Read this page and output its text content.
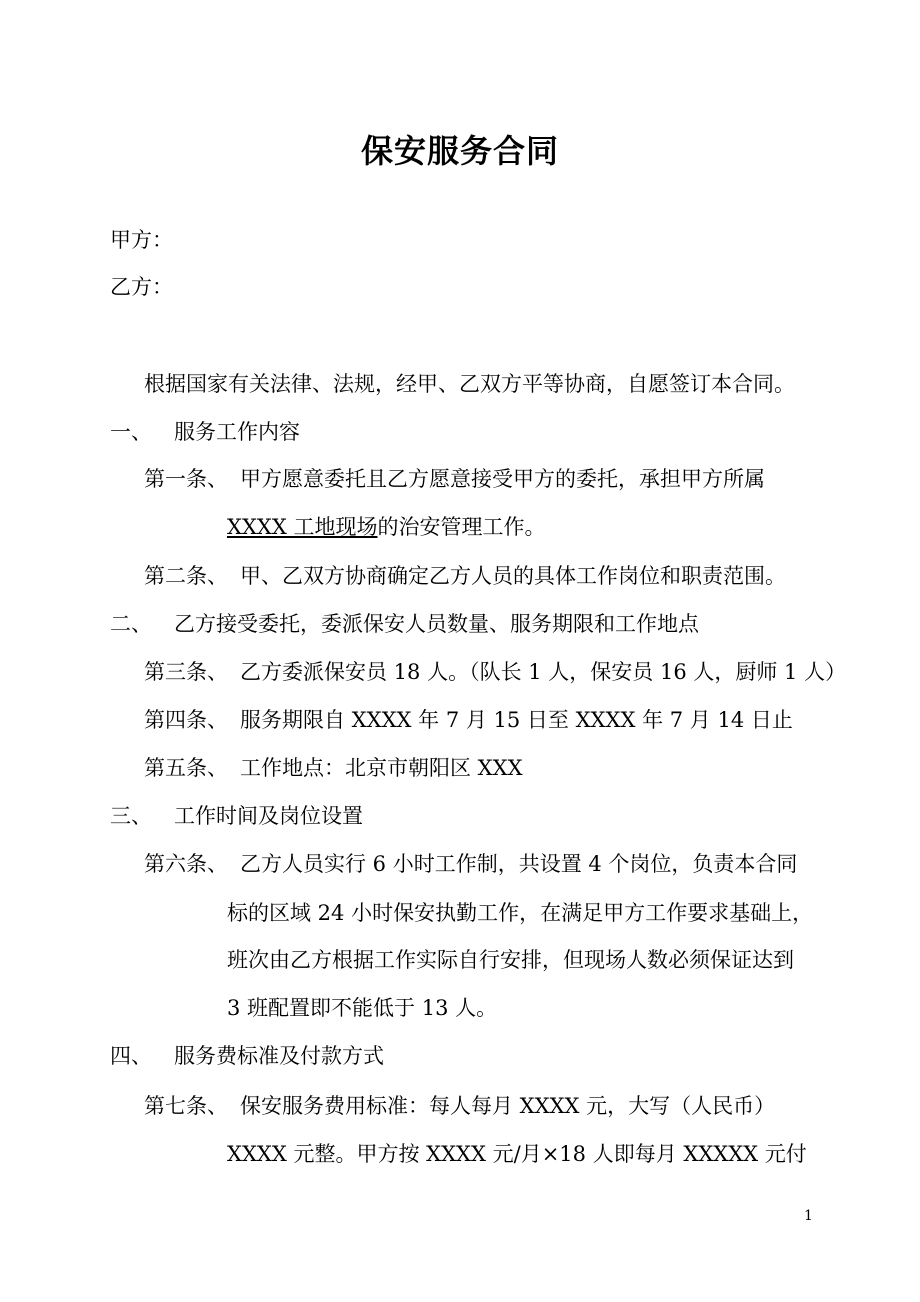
保安服务合同
甲方：
乙方：
根据国家有关法律、法规，经甲、乙双方平等协商，自愿签订本合同。
一、 服务工作内容
第一条、 甲方愿意委托且乙方愿意接受甲方的委托，承担甲方所属
XXXX 工地现场的治安管理工作。
第二条、 甲、乙双方协商确定乙方人员的具体工作岗位和职责范围。
二、 乙方接受委托，委派保安人员数量、服务期限和工作地点
第三条、 乙方委派保安员 18 人。（队长 1 人，保安员 16 人，厨师 1 人）
第四条、 服务期限自 XXXX 年 7 月 15 日至 XXXX 年 7 月 14 日止
第五条、 工作地点：北京市朝阳区 XXX
三、 工作时间及岗位设置
第六条、 乙方人员实行 6 小时工作制，共设置 4 个岗位，负责本合同
标的区域 24 小时保安执勤工作，在满足甲方工作要求基础上，
班次由乙方根据工作实际自行安排，但现场人数必须保证达到
3 班配置即不能低于 13 人。
四、 服务费标准及付款方式
第七条、 保安服务费用标准：每人每月 XXXX 元，大写（人民币）
XXXX 元整。甲方按 XXXX 元/月×18 人即每月 XXXXX 元付
1
